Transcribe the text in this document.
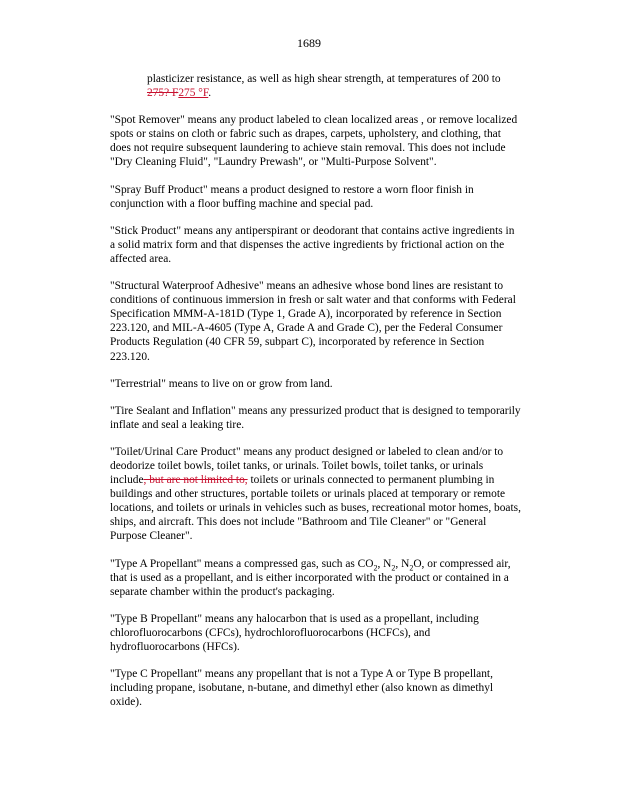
1689

plasticizer resistance, as well as high shear strength, at temperatures of 200 to 275? F275 °F.

"Spot Remover" means any product labeled to clean localized areas , or remove localized spots or stains on cloth or fabric such as drapes, carpets, upholstery, and clothing, that does not require subsequent laundering to achieve stain removal. This does not include "Dry Cleaning Fluid", "Laundry Prewash", or "Multi-Purpose Solvent".

"Spray Buff Product" means a product designed to restore a worn floor finish in conjunction with a floor buffing machine and special pad.

"Stick Product" means any antiperspirant or deodorant that contains active ingredients in a solid matrix form and that dispenses the active ingredients by frictional action on the affected area.

"Structural Waterproof Adhesive" means an adhesive whose bond lines are resistant to conditions of continuous immersion in fresh or salt water and that conforms with Federal Specification MMM-A-181D (Type 1, Grade A), incorporated by reference in Section 223.120, and MIL-A-4605 (Type A, Grade A and Grade C), per the Federal Consumer Products Regulation (40 CFR 59, subpart C), incorporated by reference in Section 223.120.

"Terrestrial" means to live on or grow from land.

"Tire Sealant and Inflation" means any pressurized product that is designed to temporarily inflate and seal a leaking tire.

"Toilet/Urinal Care Product" means any product designed or labeled to clean and/or to deodorize toilet bowls, toilet tanks, or urinals. Toilet bowls, toilet tanks, or urinals include, but are not limited to, toilets or urinals connected to permanent plumbing in buildings and other structures, portable toilets or urinals placed at temporary or remote locations, and toilets or urinals in vehicles such as buses, recreational motor homes, boats, ships, and aircraft. This does not include "Bathroom and Tile Cleaner" or "General Purpose Cleaner".

"Type A Propellant" means a compressed gas, such as $CO_2$, $N_2$, $N_2O$, or compressed air, that is used as a propellant, and is either incorporated with the product or contained in a separate chamber within the product's packaging.

"Type B Propellant" means any halocarbon that is used as a propellant, including chlorofluorocarbons (CFCs), hydrochlorofluorocarbons (HCFCs), and hydrofluorocarbons (HFCs).

"Type C Propellant" means any propellant that is not a Type A or Type B propellant, including propane, isobutane, n-butane, and dimethyl ether (also known as dimethyl oxide).
